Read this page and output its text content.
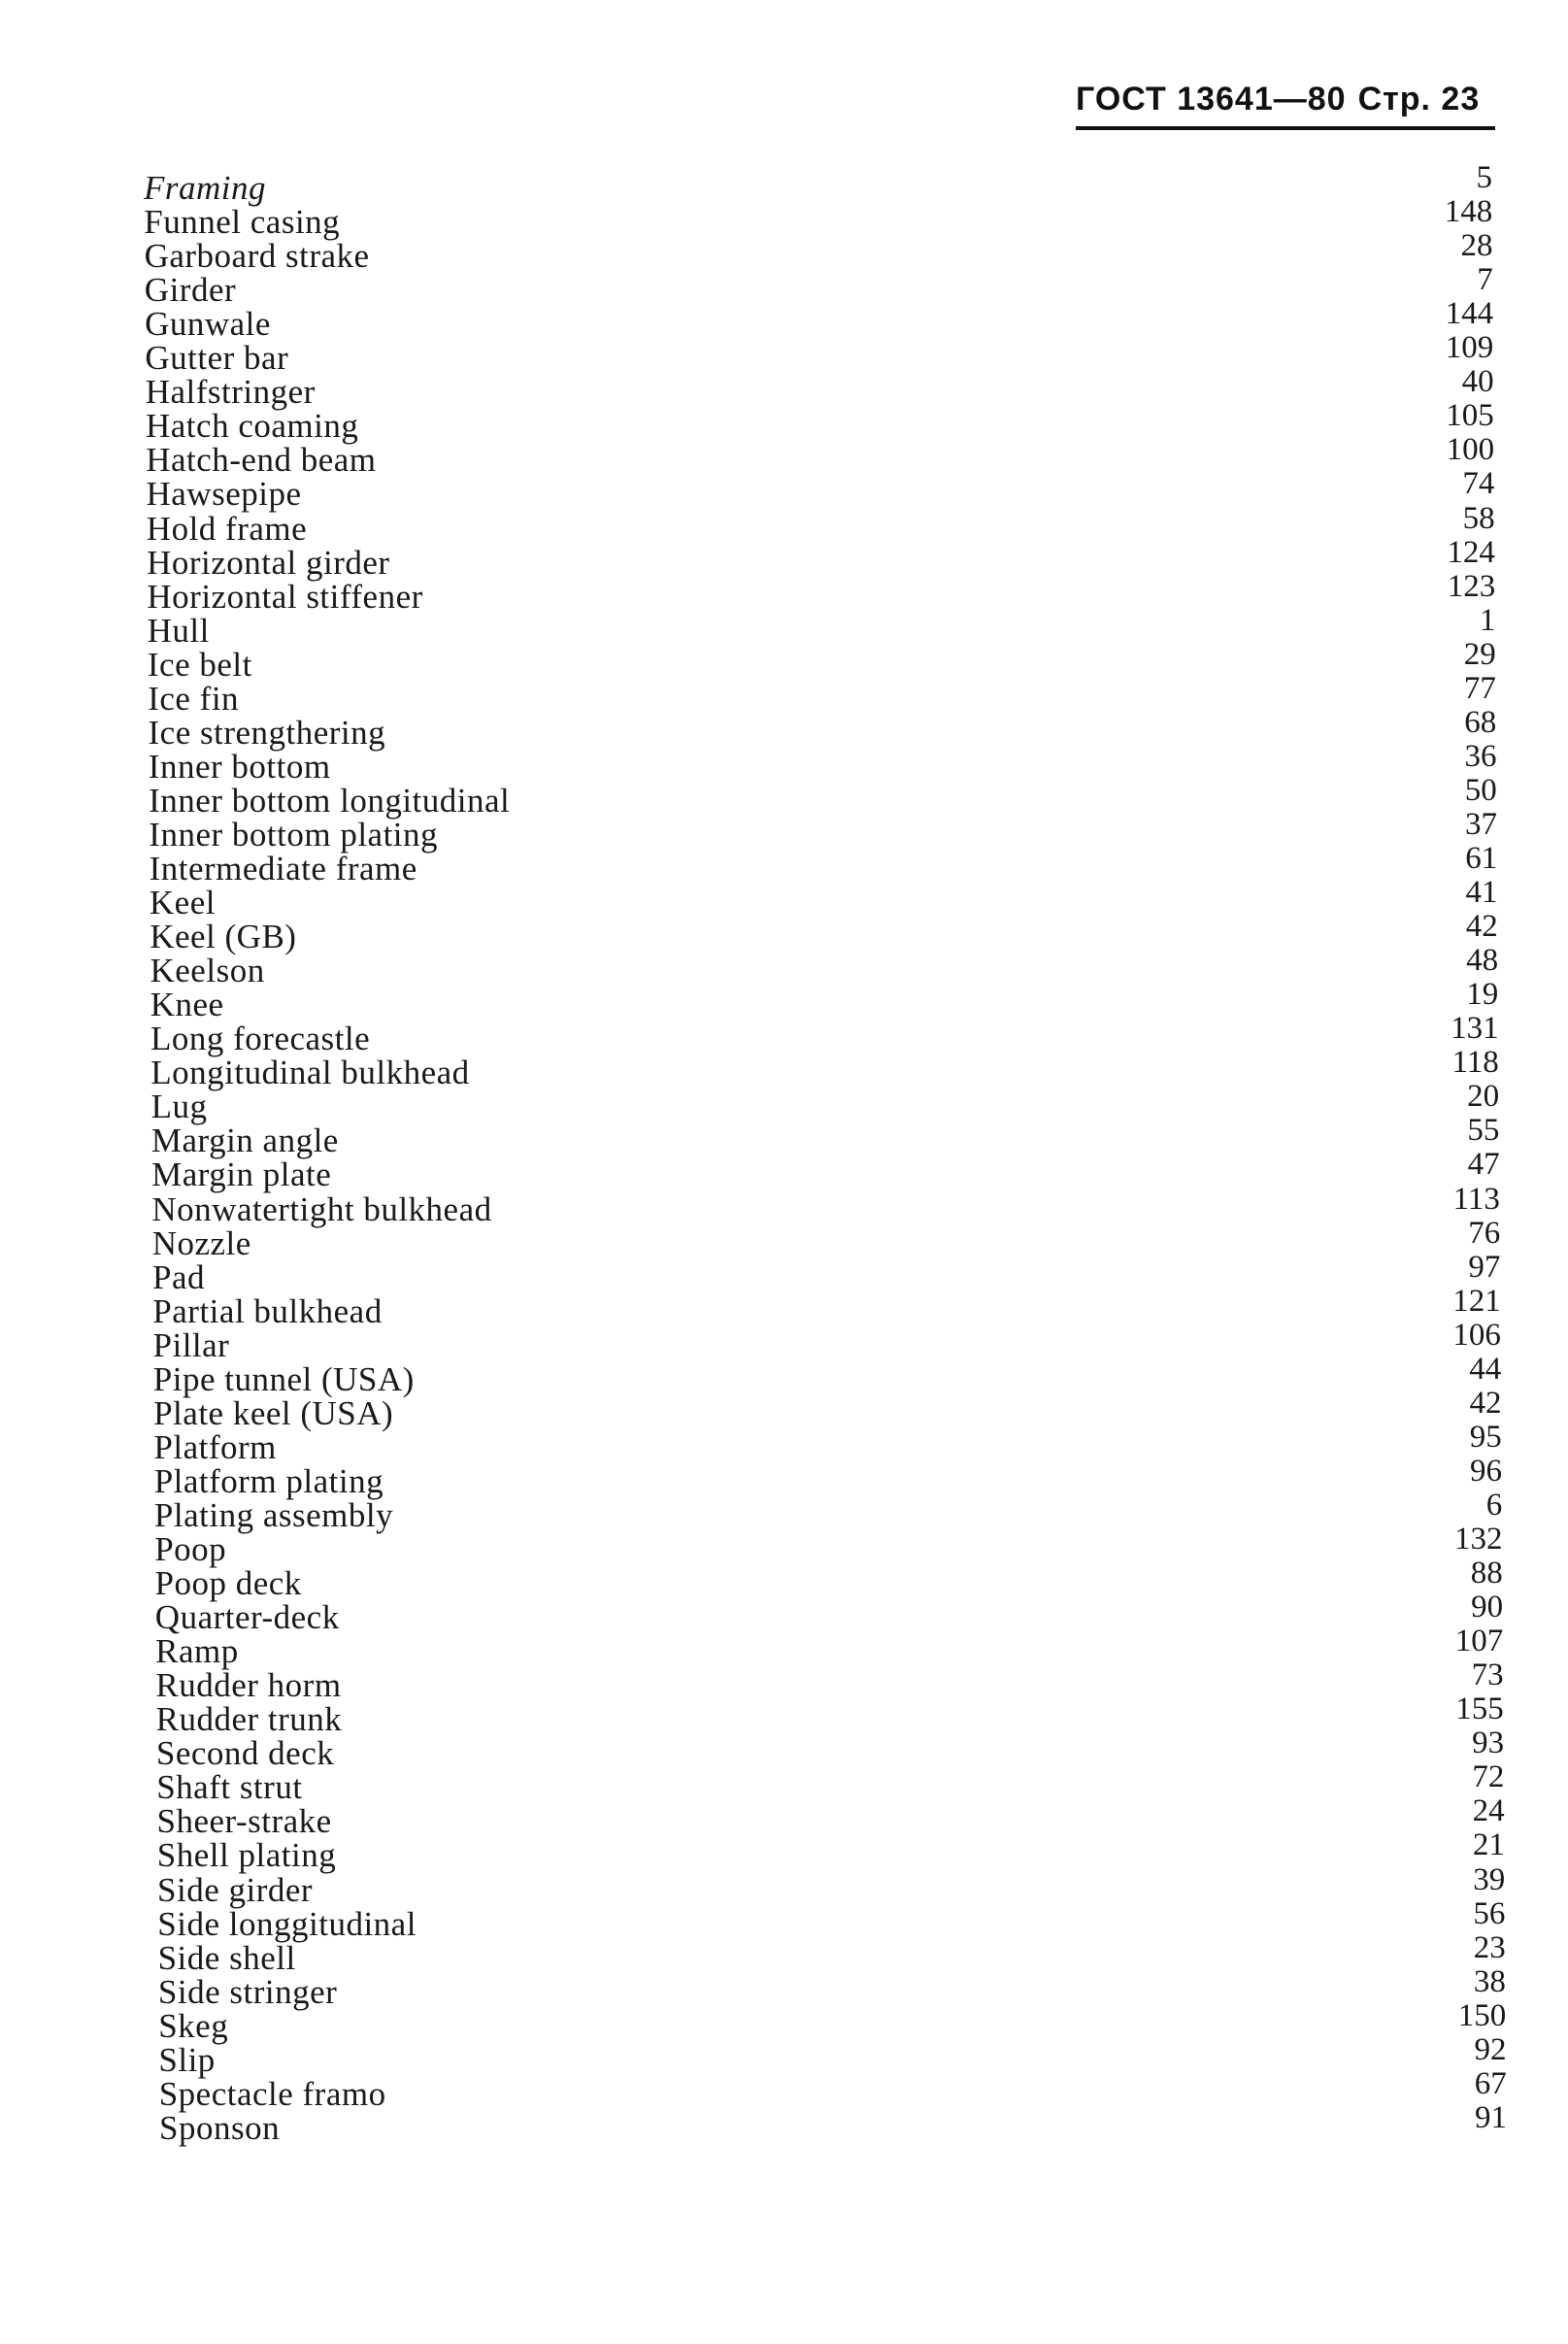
ГОСТ 13641—80 Стр. 23
Framing	5
Funnel casing	148
Garboard strake	28
Girder	7
Gunwale	144
Gutter bar	109
Halfstringer	40
Hatch coaming	105
Hatch-end beam	100
Hawsepipe	74
Hold frame	58
Horizontal girder	124
Horizontal stiffener	123
Hull	1
Ice belt	29
Ice fin	77
Ice strengthering	68
Inner bottom	36
Inner bottom longitudinal	50
Inner bottom plating	37
Intermediate frame	61
Keel	41
Keel (GB)	42
Keelson	48
Knee	19
Long forecastle	131
Longitudinal bulkhead	118
Lug	20
Margin angle	55
Margin plate	47
Nonwatertight bulkhead	113
Nozzle	76
Pad	97
Partial bulkhead	121
Pillar	106
Pipe tunnel (USA)	44
Plate keel (USA)	42
Platform	95
Platform plating	96
Plating assembly	6
Poop	132
Poop deck	88
Quarter-deck	90
Ramp	107
Rudder horm	73
Rudder trunk	155
Second deck	93
Shaft strut	72
Sheer-strake	24
Shell plating	21
Side girder	39
Side longgitudinal	56
Side shell	23
Side stringer	38
Skeg	150
Slip	92
Spectacle framo	67
Sponson	91
